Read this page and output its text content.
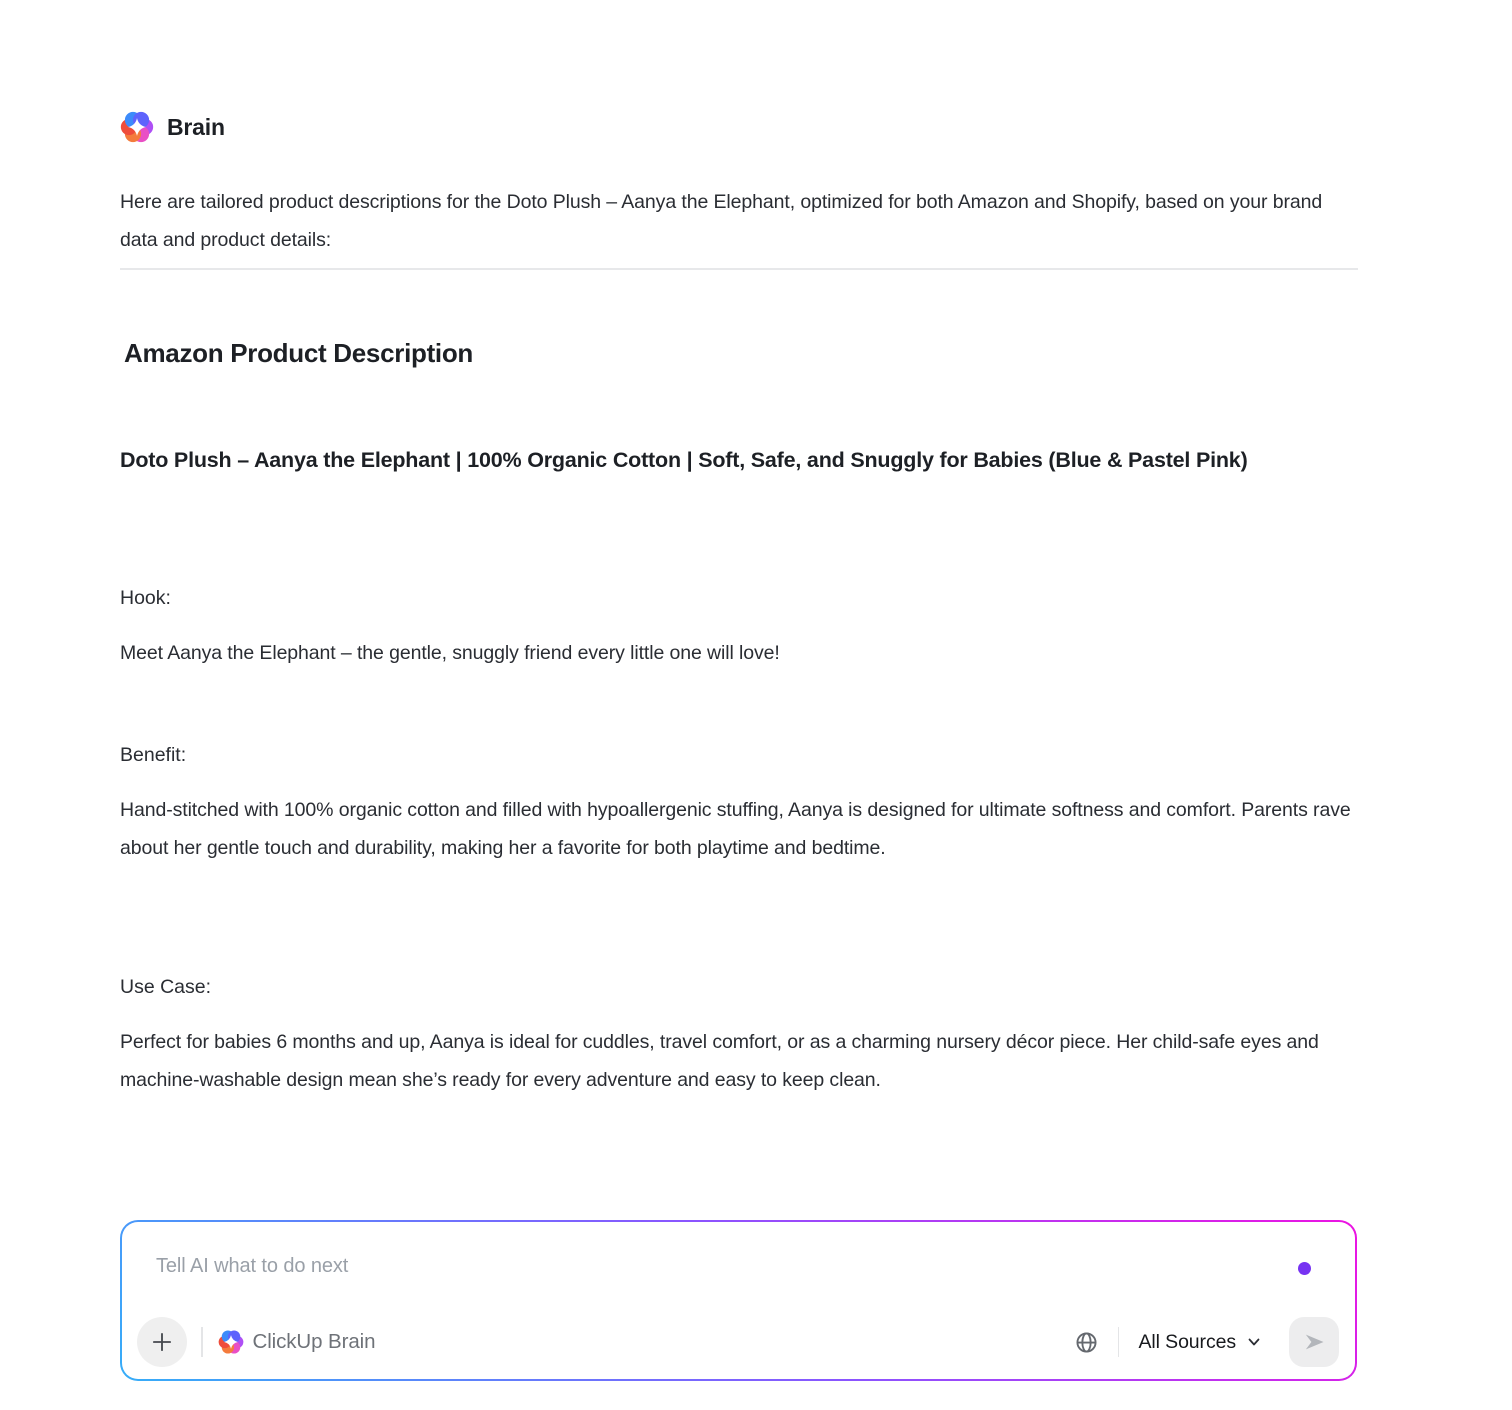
Brain

Here are tailored product descriptions for the Doto Plush – Aanya the Elephant, optimized for both Amazon and Shopify, based on your brand data and product details:

Amazon Product Description

Doto Plush – Aanya the Elephant | 100% Organic Cotton | Soft, Safe, and Snuggly for Babies (Blue & Pastel Pink)

Hook:

Meet Aanya the Elephant – the gentle, snuggly friend every little one will love!

Benefit:

Hand-stitched with 100% organic cotton and filled with hypoallergenic stuffing, Aanya is designed for ultimate softness and comfort. Parents rave about her gentle touch and durability, making her a favorite for both playtime and bedtime.

Use Case:

Perfect for babies 6 months and up, Aanya is ideal for cuddles, travel comfort, or as a charming nursery décor piece. Her child-safe eyes and machine-washable design mean she’s ready for every adventure and easy to keep clean.

Tell AI what to do next
ClickUp Brain	All Sources
